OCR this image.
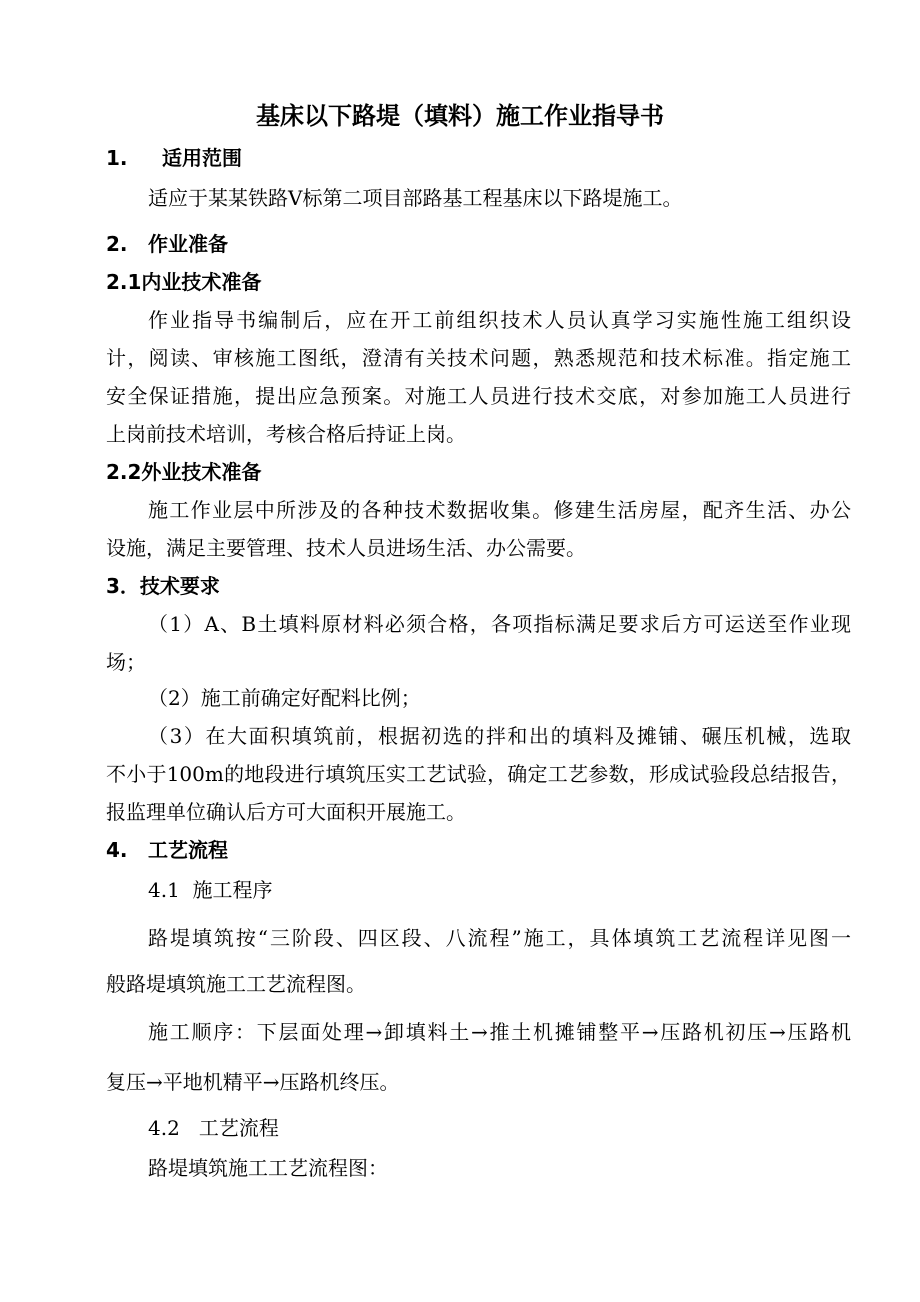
基床以下路堤（填料）施工作业指导书
1. 适用范围
适应于某某铁路Ⅴ标第二项目部路基工程基床以下路堤施工。
2. 作业准备
2.1内业技术准备
作业指导书编制后，应在开工前组织技术人员认真学习实施性施工组织设
计，阅读、审核施工图纸，澄清有关技术问题，熟悉规范和技术标准。指定施工
安全保证措施，提出应急预案。对施工人员进行技术交底，对参加施工人员进行
上岗前技术培训，考核合格后持证上岗。
2.2外业技术准备
施工作业层中所涉及的各种技术数据收集。修建生活房屋，配齐生活、办公
设施，满足主要管理、技术人员进场生活、办公需要。
3．技术要求
（1）A、B土填料原材料必须合格，各项指标满足要求后方可运送至作业现
场；
（2）施工前确定好配料比例；
（3）在大面积填筑前，根据初选的拌和出的填料及摊铺、碾压机械，选取
不小于100m的地段进行填筑压实工艺试验，确定工艺参数，形成试验段总结报告，
报监理单位确认后方可大面积开展施工。
4. 工艺流程
4.1  施工程序
路堤填筑按“三阶段、四区段、八流程”施工，具体填筑工艺流程详见图一
般路堤填筑施工工艺流程图。
施工顺序：下层面处理→卸填料土→推土机摊铺整平→压路机初压→压路机
复压→平地机精平→压路机终压。
4.2   工艺流程
路堤填筑施工工艺流程图：
